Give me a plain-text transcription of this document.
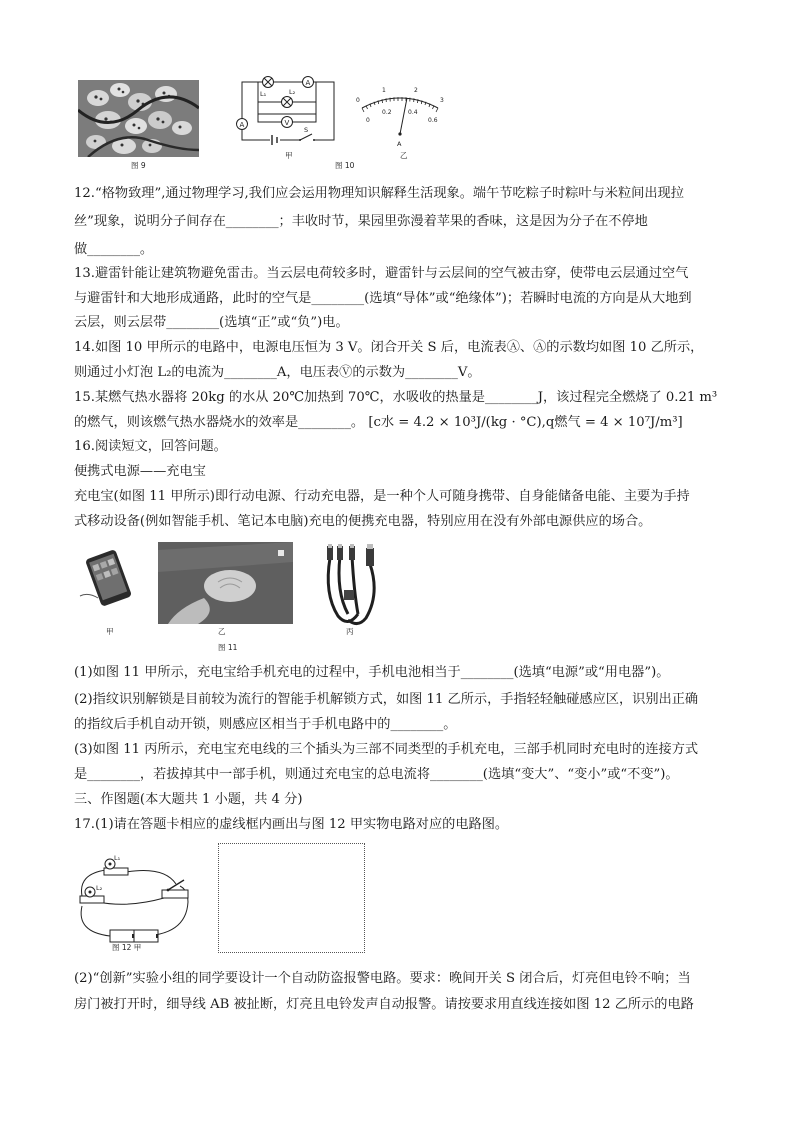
图 9
A
L₁	L₂
V
A
S
甲
0
1	2
3
0
0.2	0.4
0.6
A
乙
图 10
12.“格物致理”,通过物理学习,我们应会运用物理知识解释生活现象。端午节吃粽子时粽叶与米粒间出现拉
丝”现象，说明分子间存在________；丰收时节，果园里弥漫着苹果的香味，这是因为分子在不停地
做________。
13.避雷针能让建筑物避免雷击。当云层电荷较多时，避雷针与云层间的空气被击穿，使带电云层通过空气
与避雷针和大地形成通路，此时的空气是________(选填“导体”或“绝缘体”)；若瞬时电流的方向是从大地到
云层，则云层带________(选填“正”或“负”)电。
14.如图 10 甲所示的电路中，电源电压恒为 3 V。闭合开关 S 后，电流表Ⓐ、Ⓐ的示数均如图 10 乙所示，
则通过小灯泡 L₂的电流为________A，电压表Ⓥ的示数为________V。
15.某燃气热水器将 20kg 的水从 20℃加热到 70℃，水吸收的热量是________J，该过程完全燃烧了 0.21 m³
的燃气，则该燃气热水器烧水的效率是________。 [c水 = 4.2 × 10³J/(kg · °C),q燃气 = 4 × 10⁷J/m³]
16.阅读短文，回答问题。
便携式电源——充电宝
充电宝(如图 11 甲所示)即行动电源、行动充电器，是一种个人可随身携带、自身能储备电能、主要为手持
式移动设备(例如智能手机、笔记本电脑)充电的便携充电器，特别应用在没有外部电源供应的场合。
甲	乙	丙
图 11
(1)如图 11 甲所示，充电宝给手机充电的过程中，手机电池相当于________(选填“电源”或“用电器”)。
(2)指纹识别解锁是目前较为流行的智能手机解锁方式，如图 11 乙所示，手指轻轻触碰感应区，识别出正确
的指纹后手机自动开锁，则感应区相当于手机电路中的________。
(3)如图 11 丙所示，充电宝充电线的三个插头为三部不同类型的手机充电，三部手机同时充电时的连接方式
是________，若拔掉其中一部手机，则通过充电宝的总电流将________(选填“变大”、“变小”或“不变”)。
三、作图题(本大题共 1 小题，共 4 分)
17.(1)请在答题卡相应的虚线框内画出与图 12 甲实物电路对应的电路图。
L₁
L₂
图 12 甲
(2)“创新”实验小组的同学要设计一个自动防盗报警电路。要求：晚间开关 S 闭合后，灯亮但电铃不响；当
房门被打开时，细导线 AB 被扯断，灯亮且电铃发声自动报警。请按要求用直线连接如图 12 乙所示的电路
